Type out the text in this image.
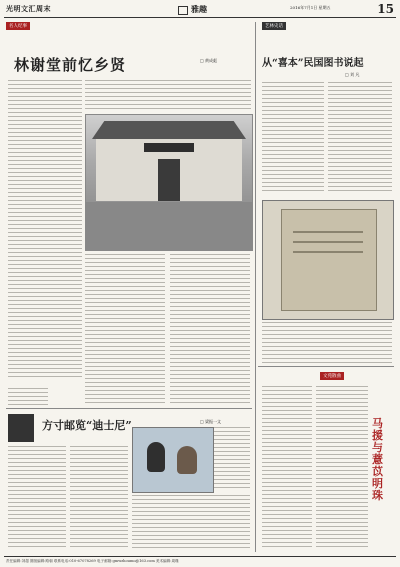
光明文汇周末	雅趣	2016年7月1日 星期五	15
名人纪事
林谢堂前忆乡贤	□ 黄成彪
方寸邮览“迪士尼”	□ 梁振一文
艺林史话
从“喜本”民国图书说起
□ 刘 凡
文苑散曲
马援与薏苡明珠
责任编辑:刘超 图版编辑:路朝 联系电话:010-67078269 电子邮箱:gmwzhoumo@163.com 美术编辑:周瑾
